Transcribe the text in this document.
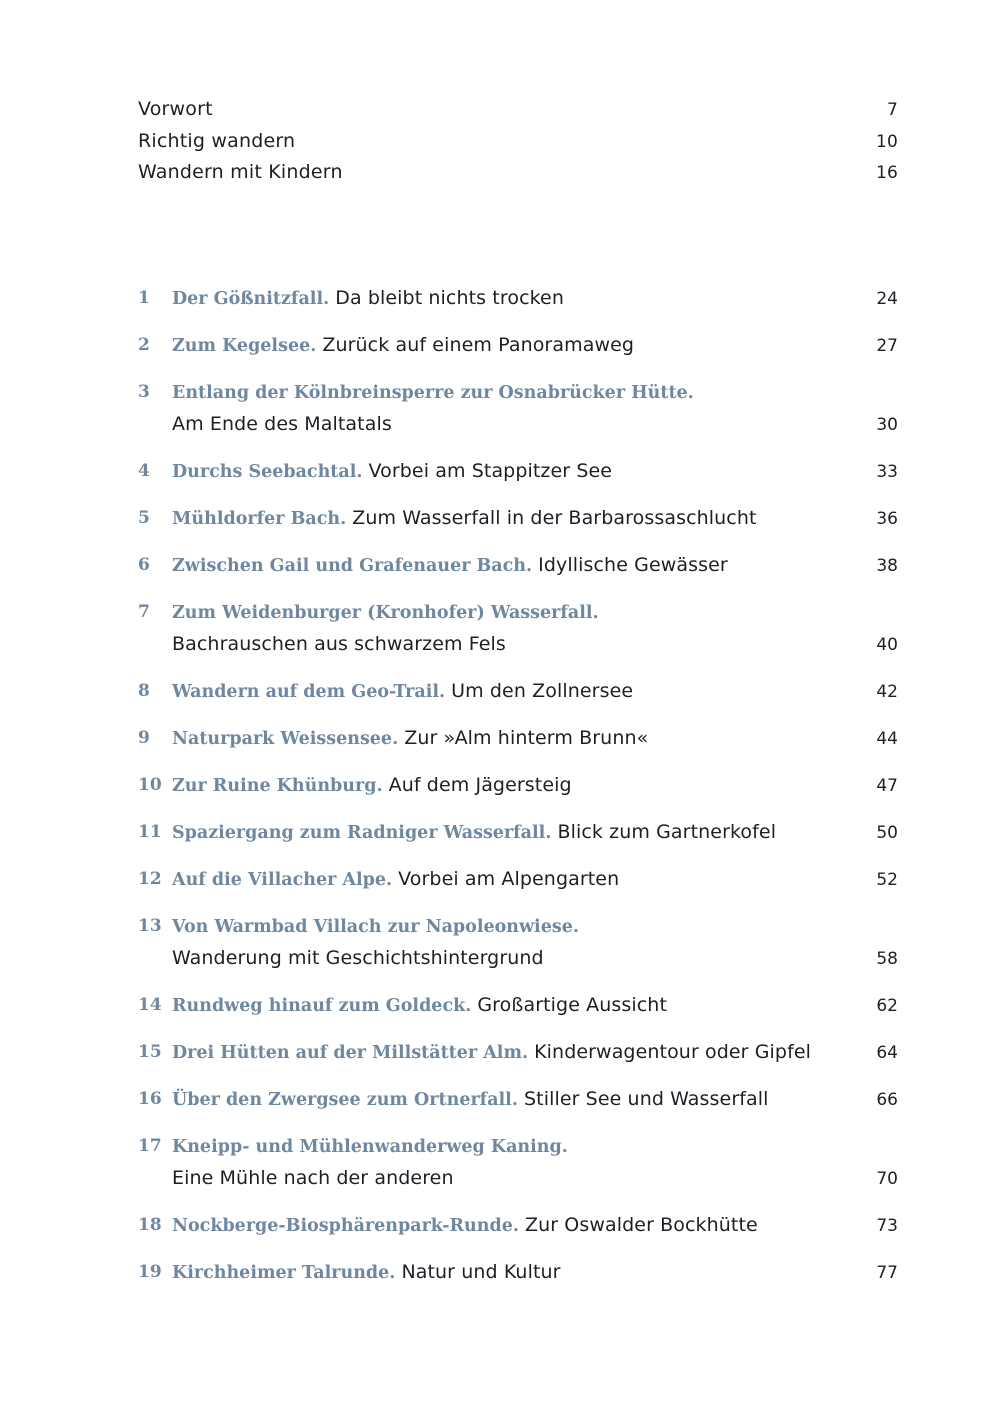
Vorwort	7
Richtig wandern	10
Wandern mit Kindern	16
1	Der Gößnitzfall. Da bleibt nichts trocken	24
2	Zum Kegelsee. Zurück auf einem Panoramaweg	27
3	Entlang der Kölnbreinsperre zur Osnabrücker Hütte.
Am Ende des Maltatals	30
4	Durchs Seebachtal. Vorbei am Stappitzer See	33
5	Mühldorfer Bach. Zum Wasserfall in der Barbarossaschlucht	36
6	Zwischen Gail und Grafenauer Bach. Idyllische Gewässer	38
7	Zum Weidenburger (Kronhofer) Wasserfall.
Bachrauschen aus schwarzem Fels	40
8	Wandern auf dem Geo-Trail. Um den Zollnersee	42
9	Naturpark Weissensee. Zur »Alm hinterm Brunn«	44
10 Zur Ruine Khünburg. Auf dem Jägersteig	47
11 Spaziergang zum Radniger Wasserfall. Blick zum Gartnerkofel	50
12 Auf die Villacher Alpe. Vorbei am Alpengarten	52
13 Von Warmbad Villach zur Napoleonwiese.
Wanderung mit Geschichtshintergrund	58
14 Rundweg hinauf zum Goldeck. Großartige Aussicht	62
15 Drei Hütten auf der Millstätter Alm. Kinderwagentour oder Gipfel	64
16 Über den Zwergsee zum Ortnerfall. Stiller See und Wasserfall	66
17 Kneipp- und Mühlenwanderweg Kaning.
Eine Mühle nach der anderen	70
18 Nockberge-Biosphärenpark-Runde. Zur Oswalder Bockhütte	73
19 Kirchheimer Talrunde. Natur und Kultur	77
